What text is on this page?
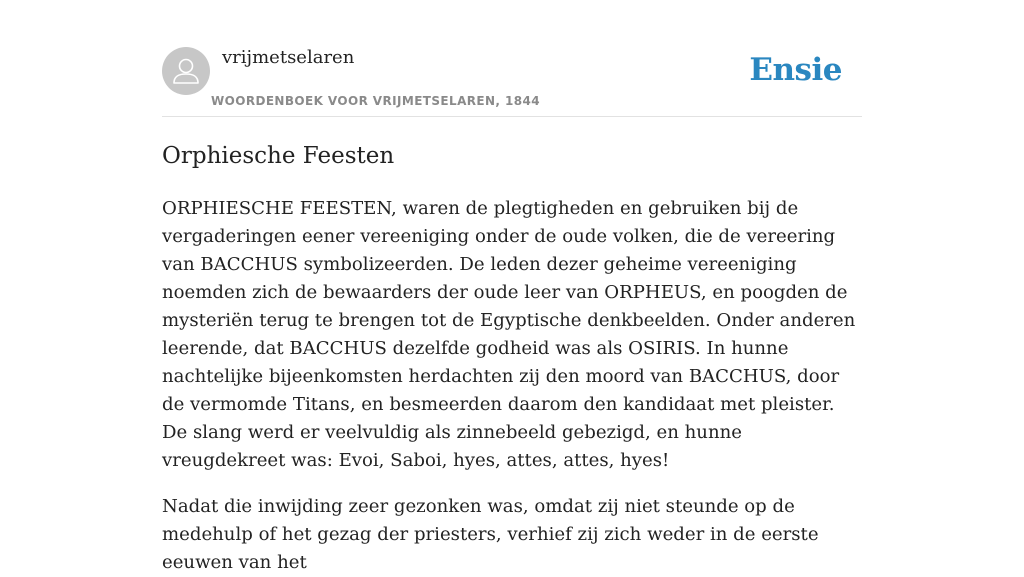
vrijmetselaren
WOORDENBOEK VOOR VRIJMETSELAREN, 1844
Ensie
Orphiesche Feesten

ORPHIESCHE FEESTEN, waren de plegtigheden en gebruiken bij de vergaderingen eener vereeniging onder de oude volken, die de vereering van BACCHUS symbolizeerden. De leden dezer geheime vereeniging noemden zich de bewaarders der oude leer van ORPHEUS, en poogden de mysteriën terug te brengen tot de Egyptische denkbeelden. Onder anderen leerende, dat BACCHUS dezelfde godheid was als OSIRIS. In hunne nachtelijke bijeenkomsten herdachten zij den moord van BACCHUS, door de vermomde Titans, en besmeerden daarom den kandidaat met pleister. De slang werd er veelvuldig als zinnebeeld gebezigd, en hunne vreugdekreet was: Evoi, Saboi, hyes, attes, attes, hyes!

Nadat die inwijding zeer gezonken was, omdat zij niet steunde op de medehulp of het gezag der priesters, verhief zij zich weder in de eerste eeuwen van het
